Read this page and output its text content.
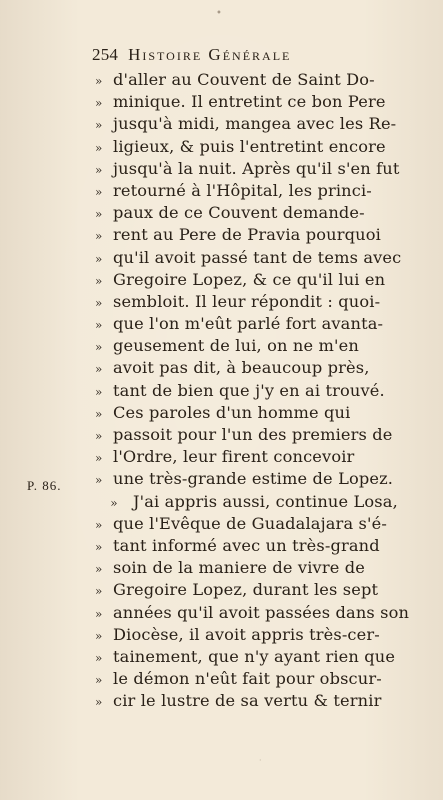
•
254 Histoire Générale
P. 86.
» d'aller au Couvent de Saint Do-
» minique. Il entretint ce bon Pere
» jusqu'à midi, mangea avec les Re-
» ligieux, & puis l'entretint encore
» jusqu'à la nuit. Après qu'il s'en fut
» retourné à l'Hôpital, les princi-
» paux de ce Couvent demande-
» rent au Pere de Pravia pourquoi
» qu'il avoit passé tant de tems avec
» Gregoire Lopez, & ce qu'il lui en
» sembloit. Il leur répondit : quoi-
» que l'on m'eût parlé fort avanta-
» geusement de lui, on ne m'en
» avoit pas dit, à beaucoup près,
» tant de bien que j'y en ai trouvé.
» Ces paroles d'un homme qui
» passoit pour l'un des premiers de
» l'Ordre, leur firent concevoir
» une très-grande estime de Lopez.
» J'ai appris aussi, continue Losa,
» que l'Evêque de Guadalajara s'é-
» tant informé avec un très-grand
» soin de la maniere de vivre de
» Gregoire Lopez, durant les sept
» années qu'il avoit passées dans son
» Diocèse, il avoit appris très-cer-
» tainement, que n'y ayant rien que
» le démon n'eût fait pour obscur-
» cir le lustre de sa vertu & ternir
·
